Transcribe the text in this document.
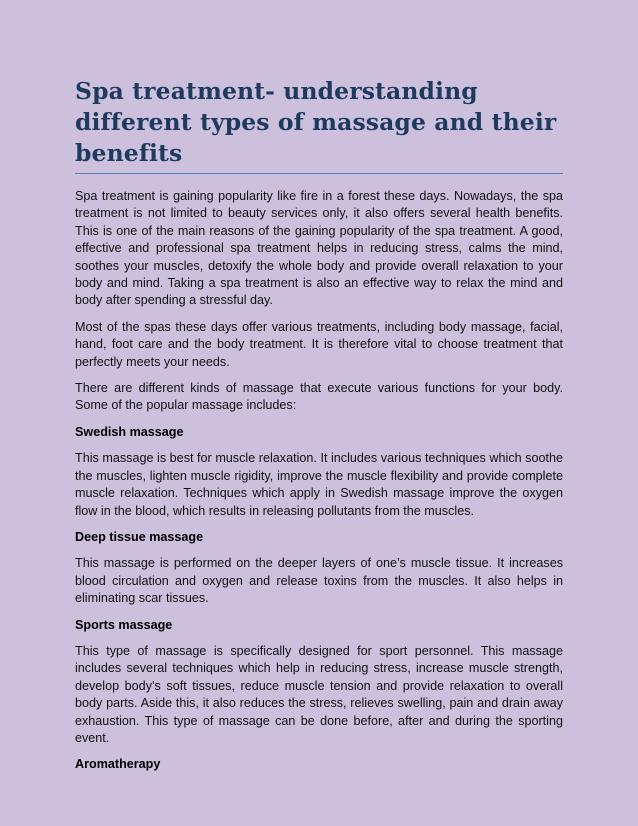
Spa treatment- understanding different types of massage and their benefits

Spa treatment is gaining popularity like fire in a forest these days. Nowadays, the spa treatment is not limited to beauty services only, it also offers several health benefits. This is one of the main reasons of the gaining popularity of the spa treatment. A good, effective and professional spa treatment helps in reducing stress, calms the mind, soothes your muscles, detoxify the whole body and provide overall relaxation to your body and mind. Taking a spa treatment is also an effective way to relax the mind and body after spending a stressful day.

Most of the spas these days offer various treatments, including body massage, facial, hand, foot care and the body treatment. It is therefore vital to choose treatment that perfectly meets your needs.

There are different kinds of massage that execute various functions for your body. Some of the popular massage includes:

Swedish massage

This massage is best for muscle relaxation. It includes various techniques which soothe the muscles, lighten muscle rigidity, improve the muscle flexibility and provide complete muscle relaxation. Techniques which apply in Swedish massage improve the oxygen flow in the blood, which results in releasing pollutants from the muscles.

Deep tissue massage

This massage is performed on the deeper layers of one’s muscle tissue. It increases blood circulation and oxygen and release toxins from the muscles. It also helps in eliminating scar tissues.

Sports massage

This type of massage is specifically designed for sport personnel. This massage includes several techniques which help in reducing stress, increase muscle strength, develop body’s soft tissues, reduce muscle tension and provide relaxation to overall body parts. Aside this, it also reduces the stress, relieves swelling, pain and drain away exhaustion. This type of massage can be done before, after and during the sporting event.

Aromatherapy
